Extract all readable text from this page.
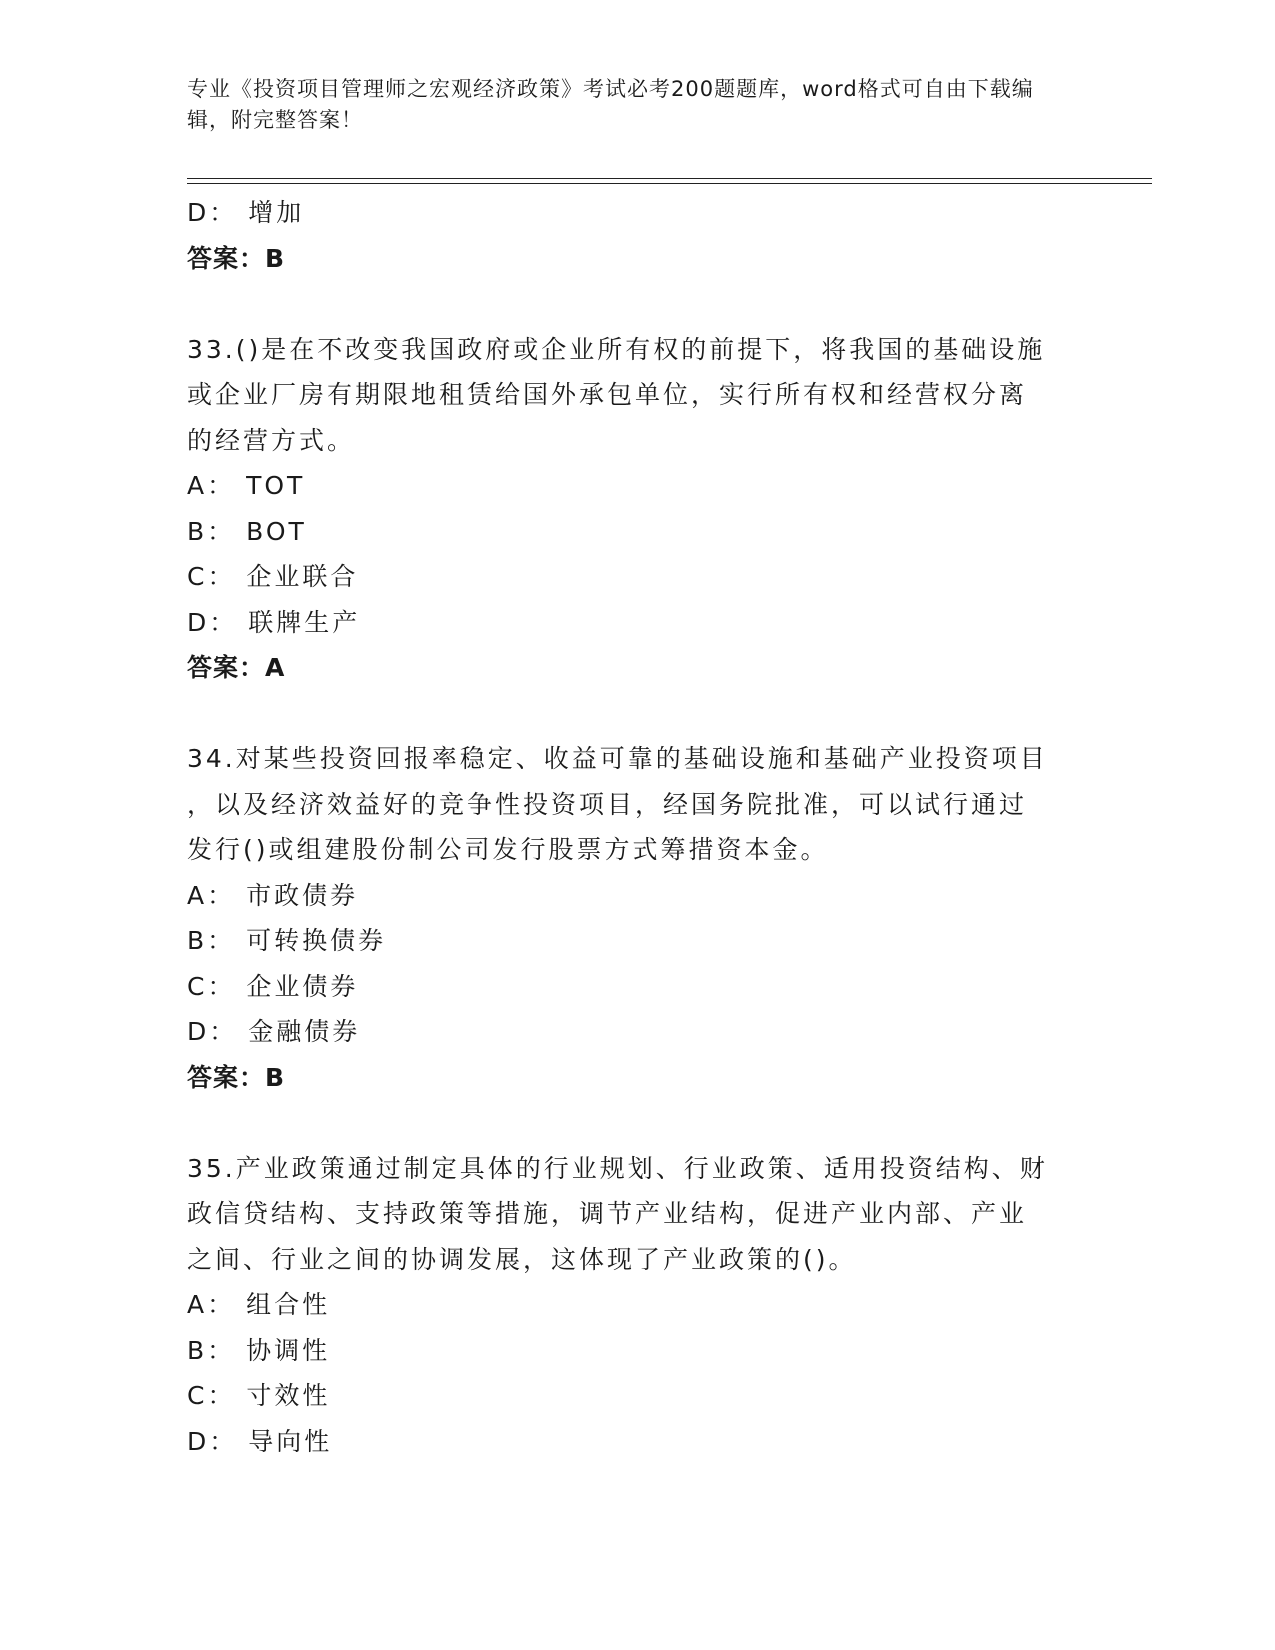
专业《投资项目管理师之宏观经济政策》考试必考200题题库，word格式可自由下载编辑，附完整答案！
D： 增加
答案：B
33.()是在不改变我国政府或企业所有权的前提下，将我国的基础设施
或企业厂房有期限地租赁给国外承包单位，实行所有权和经营权分离
的经营方式。
A： TOT
B： BOT
C： 企业联合
D： 联牌生产
答案：A
34.对某些投资回报率稳定、收益可靠的基础设施和基础产业投资项目
，以及经济效益好的竞争性投资项目，经国务院批准，可以试行通过
发行()或组建股份制公司发行股票方式筹措资本金。
A： 市政债券
B： 可转换债券
C： 企业债券
D： 金融债券
答案：B
35.产业政策通过制定具体的行业规划、行业政策、适用投资结构、财
政信贷结构、支持政策等措施，调节产业结构，促进产业内部、产业
之间、行业之间的协调发展，这体现了产业政策的()。
A： 组合性
B： 协调性
C： 寸效性
D： 导向性
